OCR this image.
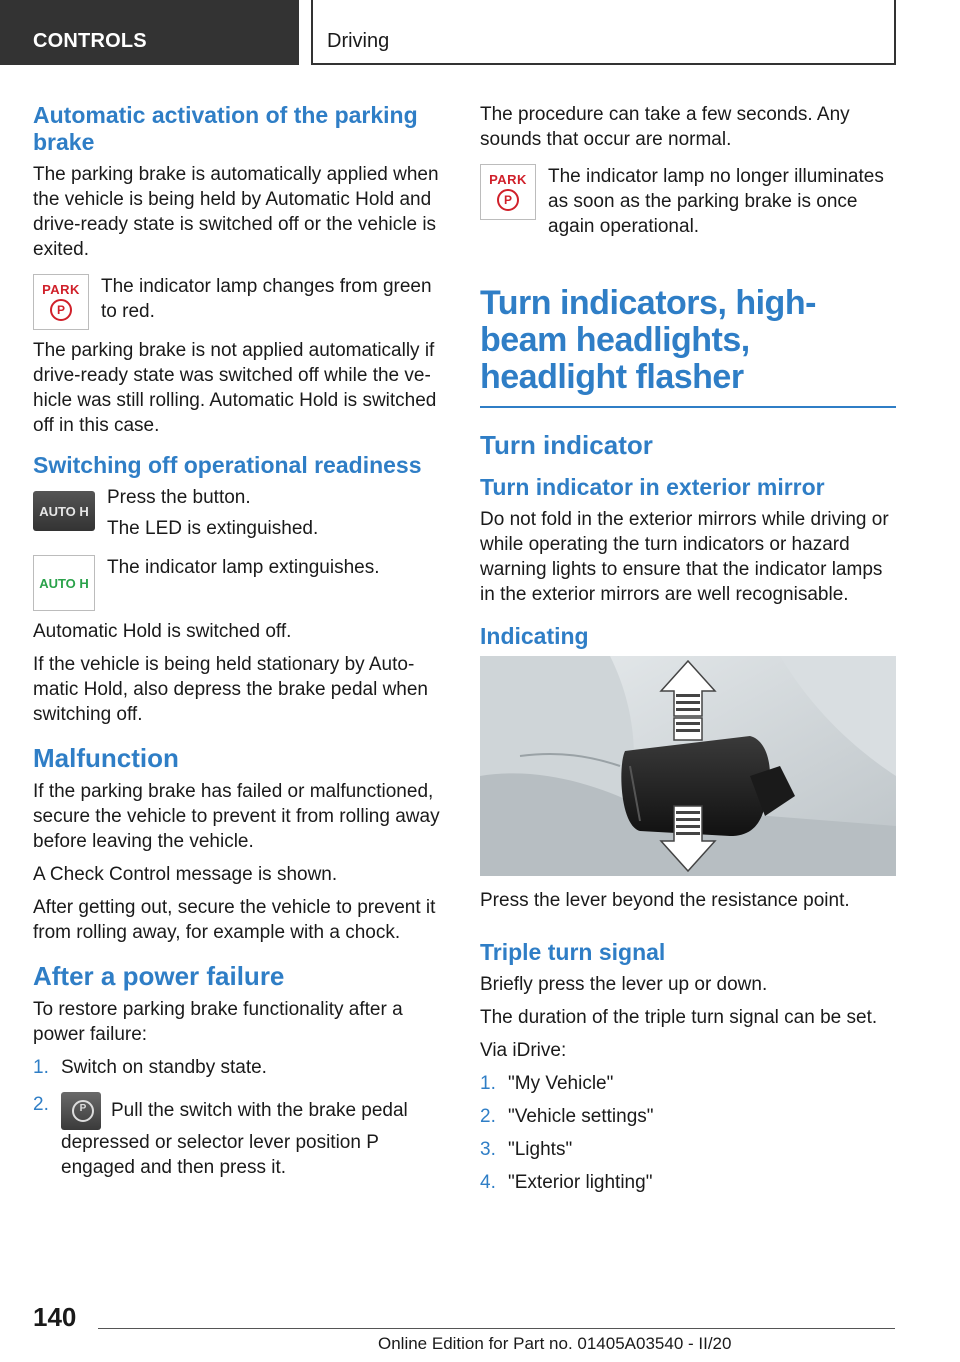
CONTROLS	Driving
Automatic activation of the parking brake

The parking brake is automatically applied when the vehicle is being held by Automatic Hold and drive-ready state is switched off or the vehicle is exited.

PARK
P

The indicator lamp changes from green to red.

The parking brake is not applied automatically if drive-ready state was switched off while the vehicle was still rolling. Automatic Hold is switched off in this case.

Switching off operational readiness
AUTO H

Press the button.

The LED is extinguished.

AUTO H

The indicator lamp extinguishes.

Automatic Hold is switched off.

If the vehicle is being held stationary by Automatic Hold, also depress the brake pedal when switching off.

Malfunction

If the parking brake has failed or malfunctioned, secure the vehicle to prevent it from rolling away before leaving the vehicle.

A Check Control message is shown.

After getting out, secure the vehicle to prevent it from rolling away, for example with a chock.

After a power failure

To restore parking brake functionality after a power failure:

1. Switch on standby state.
2.
P	Pull the switch with the brake pedal depressed or selector lever position P engaged and then press it.

The procedure can take a few seconds. Any sounds that occur are normal.

PARK
P

The indicator lamp no longer illuminates as soon as the parking brake is once again operational.

Turn indicators, high-beam headlights, headlight flasher
Turn indicator
Turn indicator in exterior mirror

Do not fold in the exterior mirrors while driving or while operating the turn indicators or hazard warning lights to ensure that the indicator lamps in the exterior mirrors are well recognisable.

Indicating

Press the lever beyond the resistance point.

Triple turn signal

Briefly press the lever up or down.

The duration of the triple turn signal can be set.

Via iDrive:

1. "My Vehicle"
2. "Vehicle settings"
3. "Lights"
4. "Exterior lighting"
140
Online Edition for Part no. 01405A03540 - II/20
